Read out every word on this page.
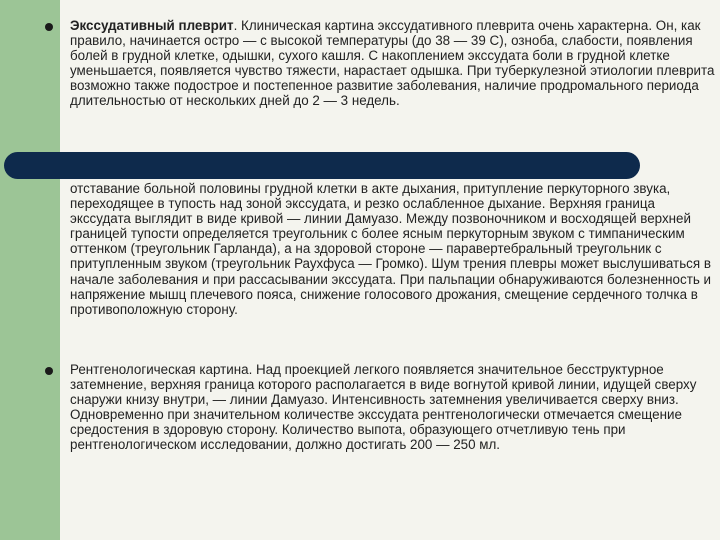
Экссудативный плеврит. Клиническая картина экссудативного плеврита очень характерна. Он, как правило, начинается остро — с высокой температуры (до 38 — 39 С), озноба, слабости, появления болей в грудной клетке, одышки, сухого кашля. С накоплением экссудата боли в грудной клетке уменьшается, появляется чувство тяжести, нарастает одышка. При туберкулезной этиологии плеврита возможно также подострое и постепенное развитие заболевания, наличие продромального периода длительностью от нескольких дней до 2 — 3 недель.

отставание больной половины грудной клетки в акте дыхания, притупление перкуторного звука, переходящее в тупость над зоной экссудата, и резко ослабленное дыхание. Верхняя граница экссудата выглядит в виде кривой — линии Дамуазо. Между позвоночником и восходящей верхней границей тупости определяется треугольник с более ясным перкуторным звуком с тимпаническим оттенком (треугольник Гарланда), а на здоровой стороне — паравертебральный треугольник с притупленным звуком (треугольник Раухфуса — Громко). Шум трения плевры может выслушиваться в начале заболевания и при рассасывании экссудата. При пальпации обнаруживаются болезненность и напряжение мышц плечевого пояса, снижение голосового дрожания, смещение сердечного толчка в противоположную сторону.

Рентгенологическая картина. Над проекцией легкого появляется значительное бесструктурное затемнение, верхняя граница которого располагается в виде вогнутой кривой линии, идущей сверху снаружи книзу внутри, — линии Дамуазо. Интенсивность затемнения увеличивается сверху вниз. Одновременно при значительном количестве экссудата рентгенологически отмечается смещение средостения в здоровую сторону. Количество выпота, образующего отчетливую тень при рентгенологическом исследовании, должно достигать 200 — 250 мл.
